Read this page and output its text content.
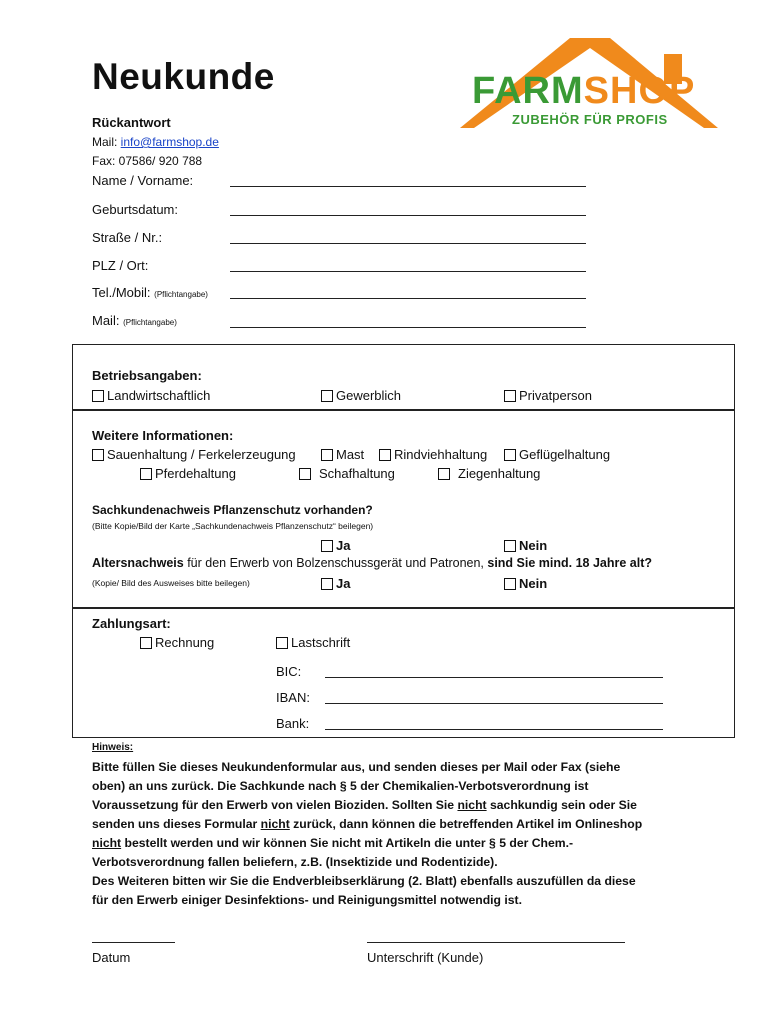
Neukunde	FARMSHOP
ZUBEHÖR FÜR PROFIS
Rückantwort
Mail: info@farmshop.de
Fax: 07586/ 920 788
Name / Vorname:
Geburtsdatum:
Straße / Nr.:
PLZ / Ort:
Tel./Mobil: (Pflichtangabe)
Mail: (Pflichtangabe)
Betriebsangaben:
Landwirtschaftlich	Gewerblich	Privatperson
Weitere Informationen:
Sauenhaltung / Ferkelerzeugung	Mast	Rindviehhaltung	Geflügelhaltung
Pferdehaltung	Schafhaltung	Ziegenhaltung
Sachkundenachweis Pflanzenschutz vorhanden?
(Bitte Kopie/Bild der Karte „Sachkundenachweis Pflanzenschutz“ beilegen)
Ja	Nein
Altersnachweis für den Erwerb von Bolzenschussgerät und Patronen, sind Sie mind. 18 Jahre alt?
(Kopie/ Bild des Ausweises bitte beilegen)	Ja	Nein
Zahlungsart:
Rechnung	Lastschrift
BIC:
IBAN:
Bank:
Hinweis:

Bitte füllen Sie dieses Neukundenformular aus, und senden dieses per Mail oder Fax (siehe

oben) an uns zurück. Die Sachkunde nach § 5 der Chemikalien-Verbotsverordnung ist

Voraussetzung für den Erwerb von vielen Bioziden. Sollten Sie nicht sachkundig sein oder Sie

senden uns dieses Formular nicht zurück, dann können die betreffenden Artikel im Onlineshop

nicht bestellt werden und wir können Sie nicht mit Artikeln die unter § 5 der Chem.-

Verbotsverordnung fallen beliefern, z.B. (Insektizide und Rodentizide).

Des Weiteren bitten wir Sie die Endverbleibserklärung (2. Blatt) ebenfalls auszufüllen da diese

für den Erwerb einiger Desinfektions- und Reinigungsmittel notwendig ist.

Datum	Unterschrift (Kunde)
